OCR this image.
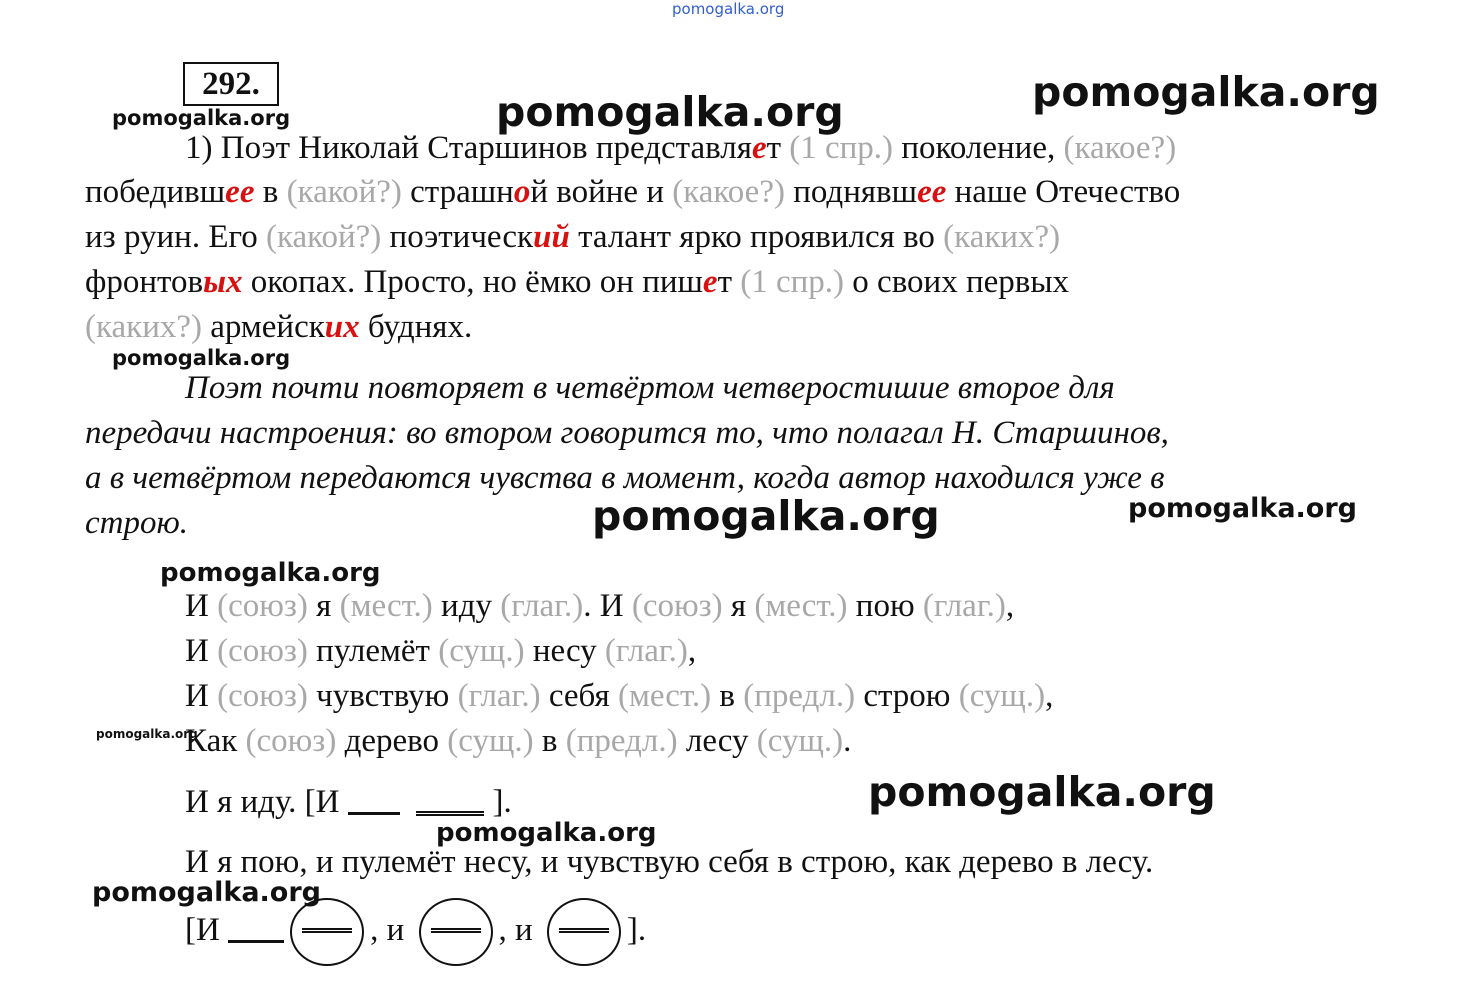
pomogalka.org
pomogalka.org	pomogalka.org
pomogalka.org
pomogalka.org
pomogalka.org	pomogalka.org
pomogalka.org
pomogalka.org
pomogalka.org
pomogalka.org
pomogalka.org
292.
1) Поэт Николай Старшинов представляет (1 спр.) поколение, (какое?)
победившее в (какой?) страшной войне и (какое?) поднявшее наше Отечество
из руин. Его (какой?) поэтический талант ярко проявился во (каких?)
фронтовых окопах. Просто, но ёмко он пишет (1 спр.) о своих первых
(каких?) армейских буднях.
Поэт почти повторяет в четвёртом четверостишие второе для
передачи настроения: во втором говорится то, что полагал Н. Старшинов,
а в четвёртом передаются чувства в момент, когда автор находился уже в
строю.
И (союз) я (мест.) иду (глаг.). И (союз) я (мест.) пою (глаг.),
И (союз) пулемёт (сущ.) несу (глаг.),
И (союз) чувствую (глаг.) себя (мест.) в (предл.) строю (сущ.),
Как (союз) дерево (сущ.) в (предл.) лесу (сущ.).
И я иду. [И	].
И я пою, и пулемёт несу, и чувствую себя в строю, как дерево в лесу.
[И	, и	, и	].
